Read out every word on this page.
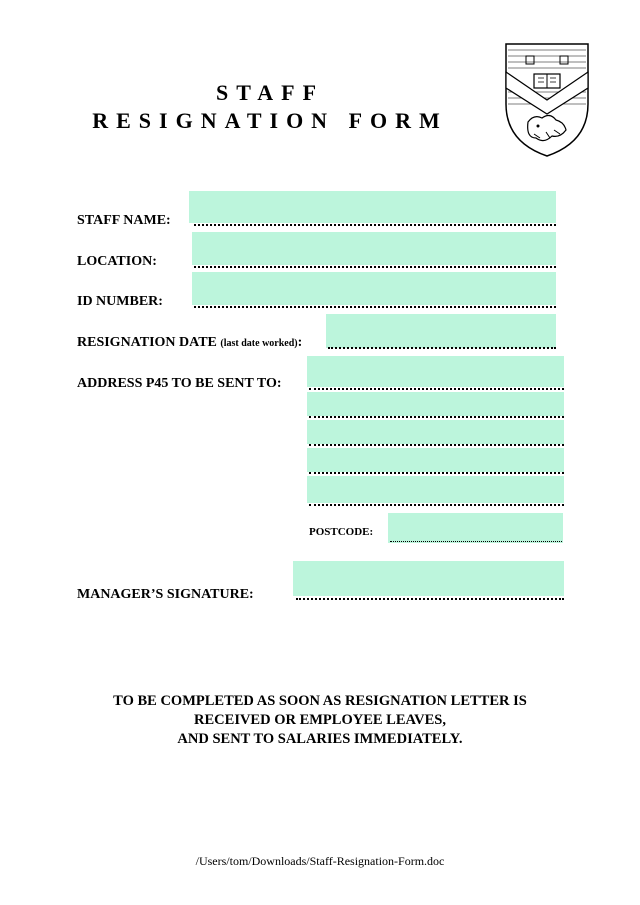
STAFF
RESIGNATION FORM
STAFF NAME:
LOCATION:
ID NUMBER:
RESIGNATION DATE (last date worked):
ADDRESS P45 TO BE SENT TO:
POSTCODE:
MANAGER’S SIGNATURE:
TO BE COMPLETED AS SOON AS RESIGNATION LETTER IS
RECEIVED OR EMPLOYEE LEAVES,
AND SENT TO SALARIES IMMEDIATELY.
/Users/tom/Downloads/Staff-Resignation-Form.doc
